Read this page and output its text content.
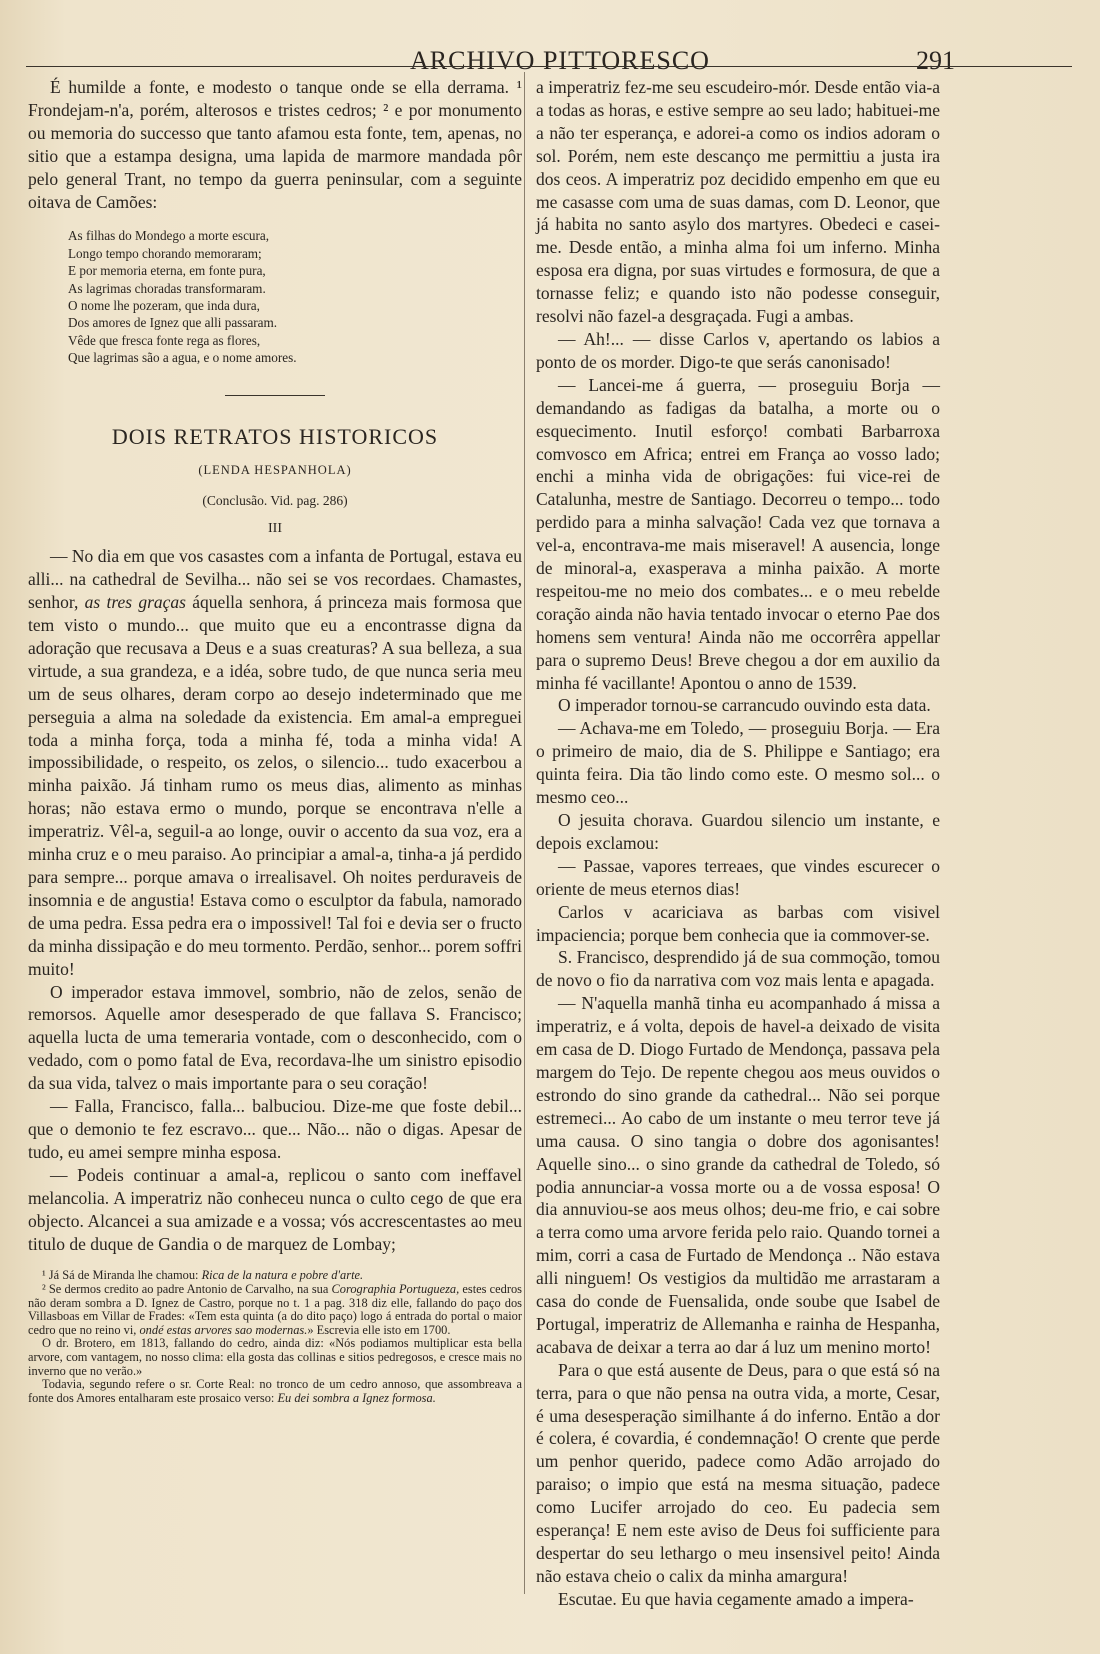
ARCHIVO PITTORESCO	291

É humilde a fonte, e modesto o tanque onde se ella derrama. ¹ Frondejam-n'a, porém, alterosos e tristes cedros; ² e por monumento ou memoria do successo que tanto afamou esta fonte, tem, apenas, no sitio que a estampa designa, uma lapida de marmore mandada pôr pelo general Trant, no tempo da guerra peninsular, com a seguinte oitava de Camões:

As filhas do Mondego a morte escura,
Longo tempo chorando memoraram;
E por memoria eterna, em fonte pura,
As lagrimas choradas transformaram.
O nome lhe pozeram, que inda dura,
Dos amores de Ignez que alli passaram.
Vêde que fresca fonte rega as flores,
Que lagrimas são a agua, e o nome amores.
DOIS RETRATOS HISTORICOS
(LENDA HESPANHOLA)
(Conclusão. Vid. pag. 286)
III

— No dia em que vos casastes com a infanta de Portugal, estava eu alli... na cathedral de Sevilha... não sei se vos recordaes. Chamastes, senhor, as tres graças áquella senhora, á princeza mais formosa que tem visto o mundo... que muito que eu a encontrasse digna da adoração que recusava a Deus e a suas creaturas? A sua belleza, a sua virtude, a sua grandeza, e a idéa, sobre tudo, de que nunca seria meu um de seus olhares, deram corpo ao desejo indeterminado que me perseguia a alma na soledade da existencia. Em amal-a empreguei toda a minha força, toda a minha fé, toda a minha vida! A impossibilidade, o respeito, os zelos, o silencio... tudo exacerbou a minha paixão. Já tinham rumo os meus dias, alimento as minhas horas; não estava ermo o mundo, porque se encontrava n'elle a imperatriz. Vêl-a, seguil-a ao longe, ouvir o accento da sua voz, era a minha cruz e o meu paraiso. Ao principiar a amal-a, tinha-a já perdido para sempre... porque amava o irrealisavel. Oh noites perduraveis de insomnia e de angustia! Estava como o esculptor da fabula, namorado de uma pedra. Essa pedra era o impossivel! Tal foi e devia ser o fructo da minha dissipação e do meu tormento. Perdão, senhor... porem soffri muito!

O imperador estava immovel, sombrio, não de zelos, senão de remorsos. Aquelle amor desesperado de que fallava S. Francisco; aquella lucta de uma temeraria vontade, com o desconhecido, com o vedado, com o pomo fatal de Eva, recordava-lhe um sinistro episodio da sua vida, talvez o mais importante para o seu coração!

— Falla, Francisco, falla... balbuciou. Dize-me que foste debil... que o demonio te fez escravo... que... Não... não o digas. Apesar de tudo, eu amei sempre minha esposa.

— Podeis continuar a amal-a, replicou o santo com ineffavel melancolia. A imperatriz não conheceu nunca o culto cego de que era objecto. Alcancei a sua amizade e a vossa; vós accrescentastes ao meu titulo de duque de Gandia o de marquez de Lombay;

¹ Já Sá de Miranda lhe chamou: Rica de la natura e pobre d'arte.

² Se dermos credito ao padre Antonio de Carvalho, na sua Corographia Portugueza, estes cedros não deram sombra a D. Ignez de Castro, porque no t. 1 a pag. 318 diz elle, fallando do paço dos Villasboas em Villar de Frades: «Tem esta quinta (a do dito paço) logo á entrada do portal o maior cedro que no reino vi, ondé estas arvores sao modernas.» Escrevia elle isto em 1700.

O dr. Brotero, em 1813, fallando do cedro, ainda diz: «Nós podiamos multiplicar esta bella arvore, com vantagem, no nosso clima: ella gosta das collinas e sitios pedregosos, e cresce mais no inverno que no verão.»

Todavia, segundo refere o sr. Corte Real: no tronco de um cedro annoso, que assombreava a fonte dos Amores entalharam este prosaico verso: Eu dei sombra a Ignez formosa.

a imperatriz fez-me seu escudeiro-mór. Desde então via-a a todas as horas, e estive sempre ao seu lado; habituei-me a não ter esperança, e adorei-a como os indios adoram o sol. Porém, nem este descanço me permittiu a justa ira dos ceos. A imperatriz poz decidido empenho em que eu me casasse com uma de suas damas, com D. Leonor, que já habita no santo asylo dos martyres. Obedeci e casei-me. Desde então, a minha alma foi um inferno. Minha esposa era digna, por suas virtudes e formosura, de que a tornasse feliz; e quando isto não podesse conseguir, resolvi não fazel-a desgraçada. Fugi a ambas.

— Ah!... — disse Carlos v, apertando os labios a ponto de os morder. Digo-te que serás canonisado!

— Lancei-me á guerra, — proseguiu Borja — demandando as fadigas da batalha, a morte ou o esquecimento. Inutil esforço! combati Barbarroxa comvosco em Africa; entrei em França ao vosso lado; enchi a minha vida de obrigações: fui vice-rei de Catalunha, mestre de Santiago. Decorreu o tempo... todo perdido para a minha salvação! Cada vez que tornava a vel-a, encontrava-me mais miseravel! A ausencia, longe de minoral-a, exasperava a minha paixão. A morte respeitou-me no meio dos combates... e o meu rebelde coração ainda não havia tentado invocar o eterno Pae dos homens sem ventura! Ainda não me occorrêra appellar para o supremo Deus! Breve chegou a dor em auxilio da minha fé vacillante! Apontou o anno de 1539.

O imperador tornou-se carrancudo ouvindo esta data.

— Achava-me em Toledo, — proseguiu Borja. — Era o primeiro de maio, dia de S. Philippe e Santiago; era quinta feira. Dia tão lindo como este. O mesmo sol... o mesmo ceo...

O jesuita chorava. Guardou silencio um instante, e depois exclamou:

— Passae, vapores terreaes, que vindes escurecer o oriente de meus eternos dias!

Carlos v acariciava as barbas com visivel impaciencia; porque bem conhecia que ia commover-se.

S. Francisco, desprendido já de sua commoção, tomou de novo o fio da narrativa com voz mais lenta e apagada.

— N'aquella manhã tinha eu acompanhado á missa a imperatriz, e á volta, depois de havel-a deixado de visita em casa de D. Diogo Furtado de Mendonça, passava pela margem do Tejo. De repente chegou aos meus ouvidos o estrondo do sino grande da cathedral... Não sei porque estremeci... Ao cabo de um instante o meu terror teve já uma causa. O sino tangia o dobre dos agonisantes! Aquelle sino... o sino grande da cathedral de Toledo, só podia annunciar-a vossa morte ou a de vossa esposa! O dia annuviou-se aos meus olhos; deu-me frio, e cai sobre a terra como uma arvore ferida pelo raio. Quando tornei a mim, corri a casa de Furtado de Mendonça .. Não estava alli ninguem! Os vestigios da multidão me arrastaram a casa do conde de Fuensalida, onde soube que Isabel de Portugal, imperatriz de Allemanha e rainha de Hespanha, acabava de deixar a terra ao dar á luz um menino morto!

Para o que está ausente de Deus, para o que está só na terra, para o que não pensa na outra vida, a morte, Cesar, é uma desesperação similhante á do inferno. Então a dor é colera, é covardia, é condemnação! O crente que perde um penhor querido, padece como Adão arrojado do paraiso; o impio que está na mesma situação, padece como Lucifer arrojado do ceo. Eu padecia sem esperança! E nem este aviso de Deus foi sufficiente para despertar do seu lethargo o meu insensivel peito! Ainda não estava cheio o calix da minha amargura!

Escutae. Eu que havia cegamente amado a impera-
